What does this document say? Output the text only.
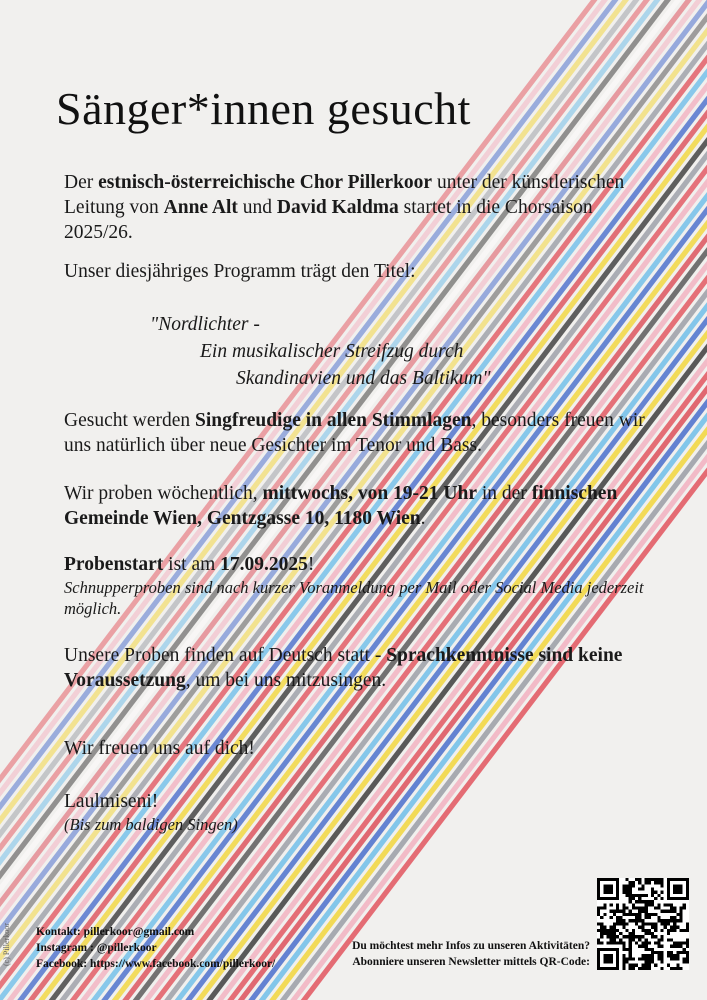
Sänger*innen gesucht
Der estnisch-österreichische Chor Pillerkoor unter der künstlerischen Leitung von Anne Alt und David Kaldma startet in die Chorsaison 2025/26.
Unser diesjähriges Programm trägt den Titel:
"Nordlichter -
Ein musikalischer Streifzug durch
Skandinavien und das Baltikum"
Gesucht werden Singfreudige in allen Stimmlagen, besonders freuen wir uns natürlich über neue Gesichter im Tenor und Bass.
Wir proben wöchentlich, mittwochs, von 19-21 Uhr in der finnischen Gemeinde Wien, Gentzgasse 10, 1180 Wien.
Probenstart ist am 17.09.2025!
Schnupperproben sind nach kurzer Voranmeldung per Mail oder Social Media jederzeit möglich.
Unsere Proben finden auf Deutsch statt - Sprachkenntnisse sind keine Voraussetzung, um bei uns mitzusingen.
Wir freuen uns auf dich!
Laulmiseni!
(Bis zum baldigen Singen)
Kontakt: pillerkoor@gmail.com
Instagram : @pillerkoor
Facebook: https://www.facebook.com/pillerkoor/
Du möchtest mehr Infos zu unseren Aktivitäten?
Abonniere unseren Newsletter mittels QR-Code:
(c) Pillerkoor
